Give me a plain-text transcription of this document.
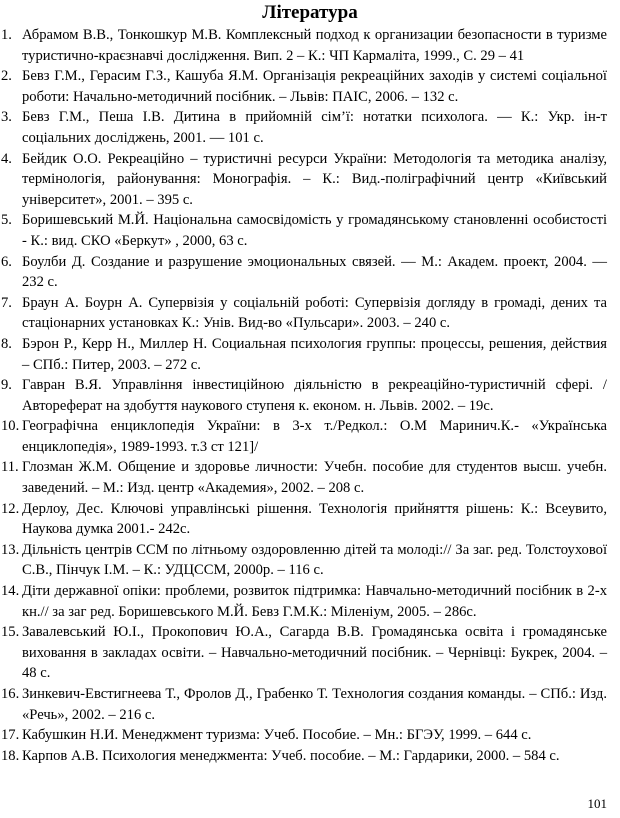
Література
1. Абрамом В.В., Тонкошкур М.В. Комплексный подход к организации безопасности в туризме туристично-краєзнавчі дослідження. Вип. 2 – К.: ЧП Кармаліта, 1999., С. 29 – 41
2. Бевз Г.М., Герасим Г.З., Кашуба Я.М. Організація рекреаційних заходів у системі соціальної роботи: Начально-методичний посібник. – Львів: ПАІС, 2006. – 132 с.
3. Бевз Г.М., Пеша І.В. Дитина в прийомній сім’ї: нотатки психолога. — К.: Укр. ін-т соціальних досліджень, 2001. — 101 с.
4. Бейдик О.О. Рекреаційно – туристичні ресурси України: Методологія та методика аналізу, термінологія, районування: Монографія. – К.: Вид.-поліграфічний центр «Київський університет», 2001. – 395 с.
5. Боришевський М.Й. Національна самосвідомість у громадянському становленні особистості - К.: вид. СКО «Беркут» , 2000, 63 с.
6. Боулби Д. Создание и разрушение эмоциональных связей. — М.: Академ. проект, 2004. — 232 с.
7. Браун А. Боурн А. Супервізія у соціальній роботі: Супервізія догляду в громаді, дених та стаціонарних установках К.: Унів. Вид-во «Пульсари». 2003. – 240 с.
8. Бэрон Р., Керр Н., Миллер Н. Социальная психология группы: процессы, решения, действия – СПб.: Питер, 2003. – 272 с.
9. Гавран В.Я. Управління інвестиційною діяльністю в рекреаційно-туристичній сфері. / Автореферат на здобуття наукового ступеня к. економ. н. Львів. 2002. – 19с.
10. Географічна енциклопедія України: в 3-х т./Редкол.: О.М Маринич.К.- «Українська енциклопедія», 1989-1993. т.3 ст 121]/
11. Глозман Ж.М. Общение и здоровье личности: Учебн. пособие для студентов высш. учебн. заведений. – М.: Изд. центр «Академия», 2002. – 208 с.
12. Дерлоу, Дес. Ключові управлінські рішення. Технологія прийняття рішень: К.: Всеувито, Наукова думка 2001.- 242с.
13. Дільність центрів ССМ по літньому оздоровленню дітей та молоді:// За заг. ред. Толстоухової С.В., Пінчук І.М. – К.: УДЦССМ, 2000р. – 116 с.
14. Діти державної опіки: проблеми, розвиток підтримка: Навчально-методичний посібник в 2-х кн.// за заг ред. Боришевського М.Й. Бевз Г.М.К.: Міленіум, 2005. – 286с.
15. Завалевський Ю.І., Прокопович Ю.А., Сагарда В.В. Громадянська освіта і громадянське виховання в закладах освіти. – Навчально-методичний посібник. – Чернівці: Букрек, 2004. – 48 с.
16. Зинкевич-Евстигнеева Т., Фролов Д., Грабенко Т. Технология создания команды. – СПб.: Изд. «Речь», 2002. – 216 с.
17. Кабушкин Н.И. Менеджмент туризма: Учеб. Пособие. – Мн.: БГЭУ, 1999. – 644 с.
18. Карпов А.В. Психология менеджмента: Учеб. пособие. – М.: Гардарики, 2000. – 584 с.
101
